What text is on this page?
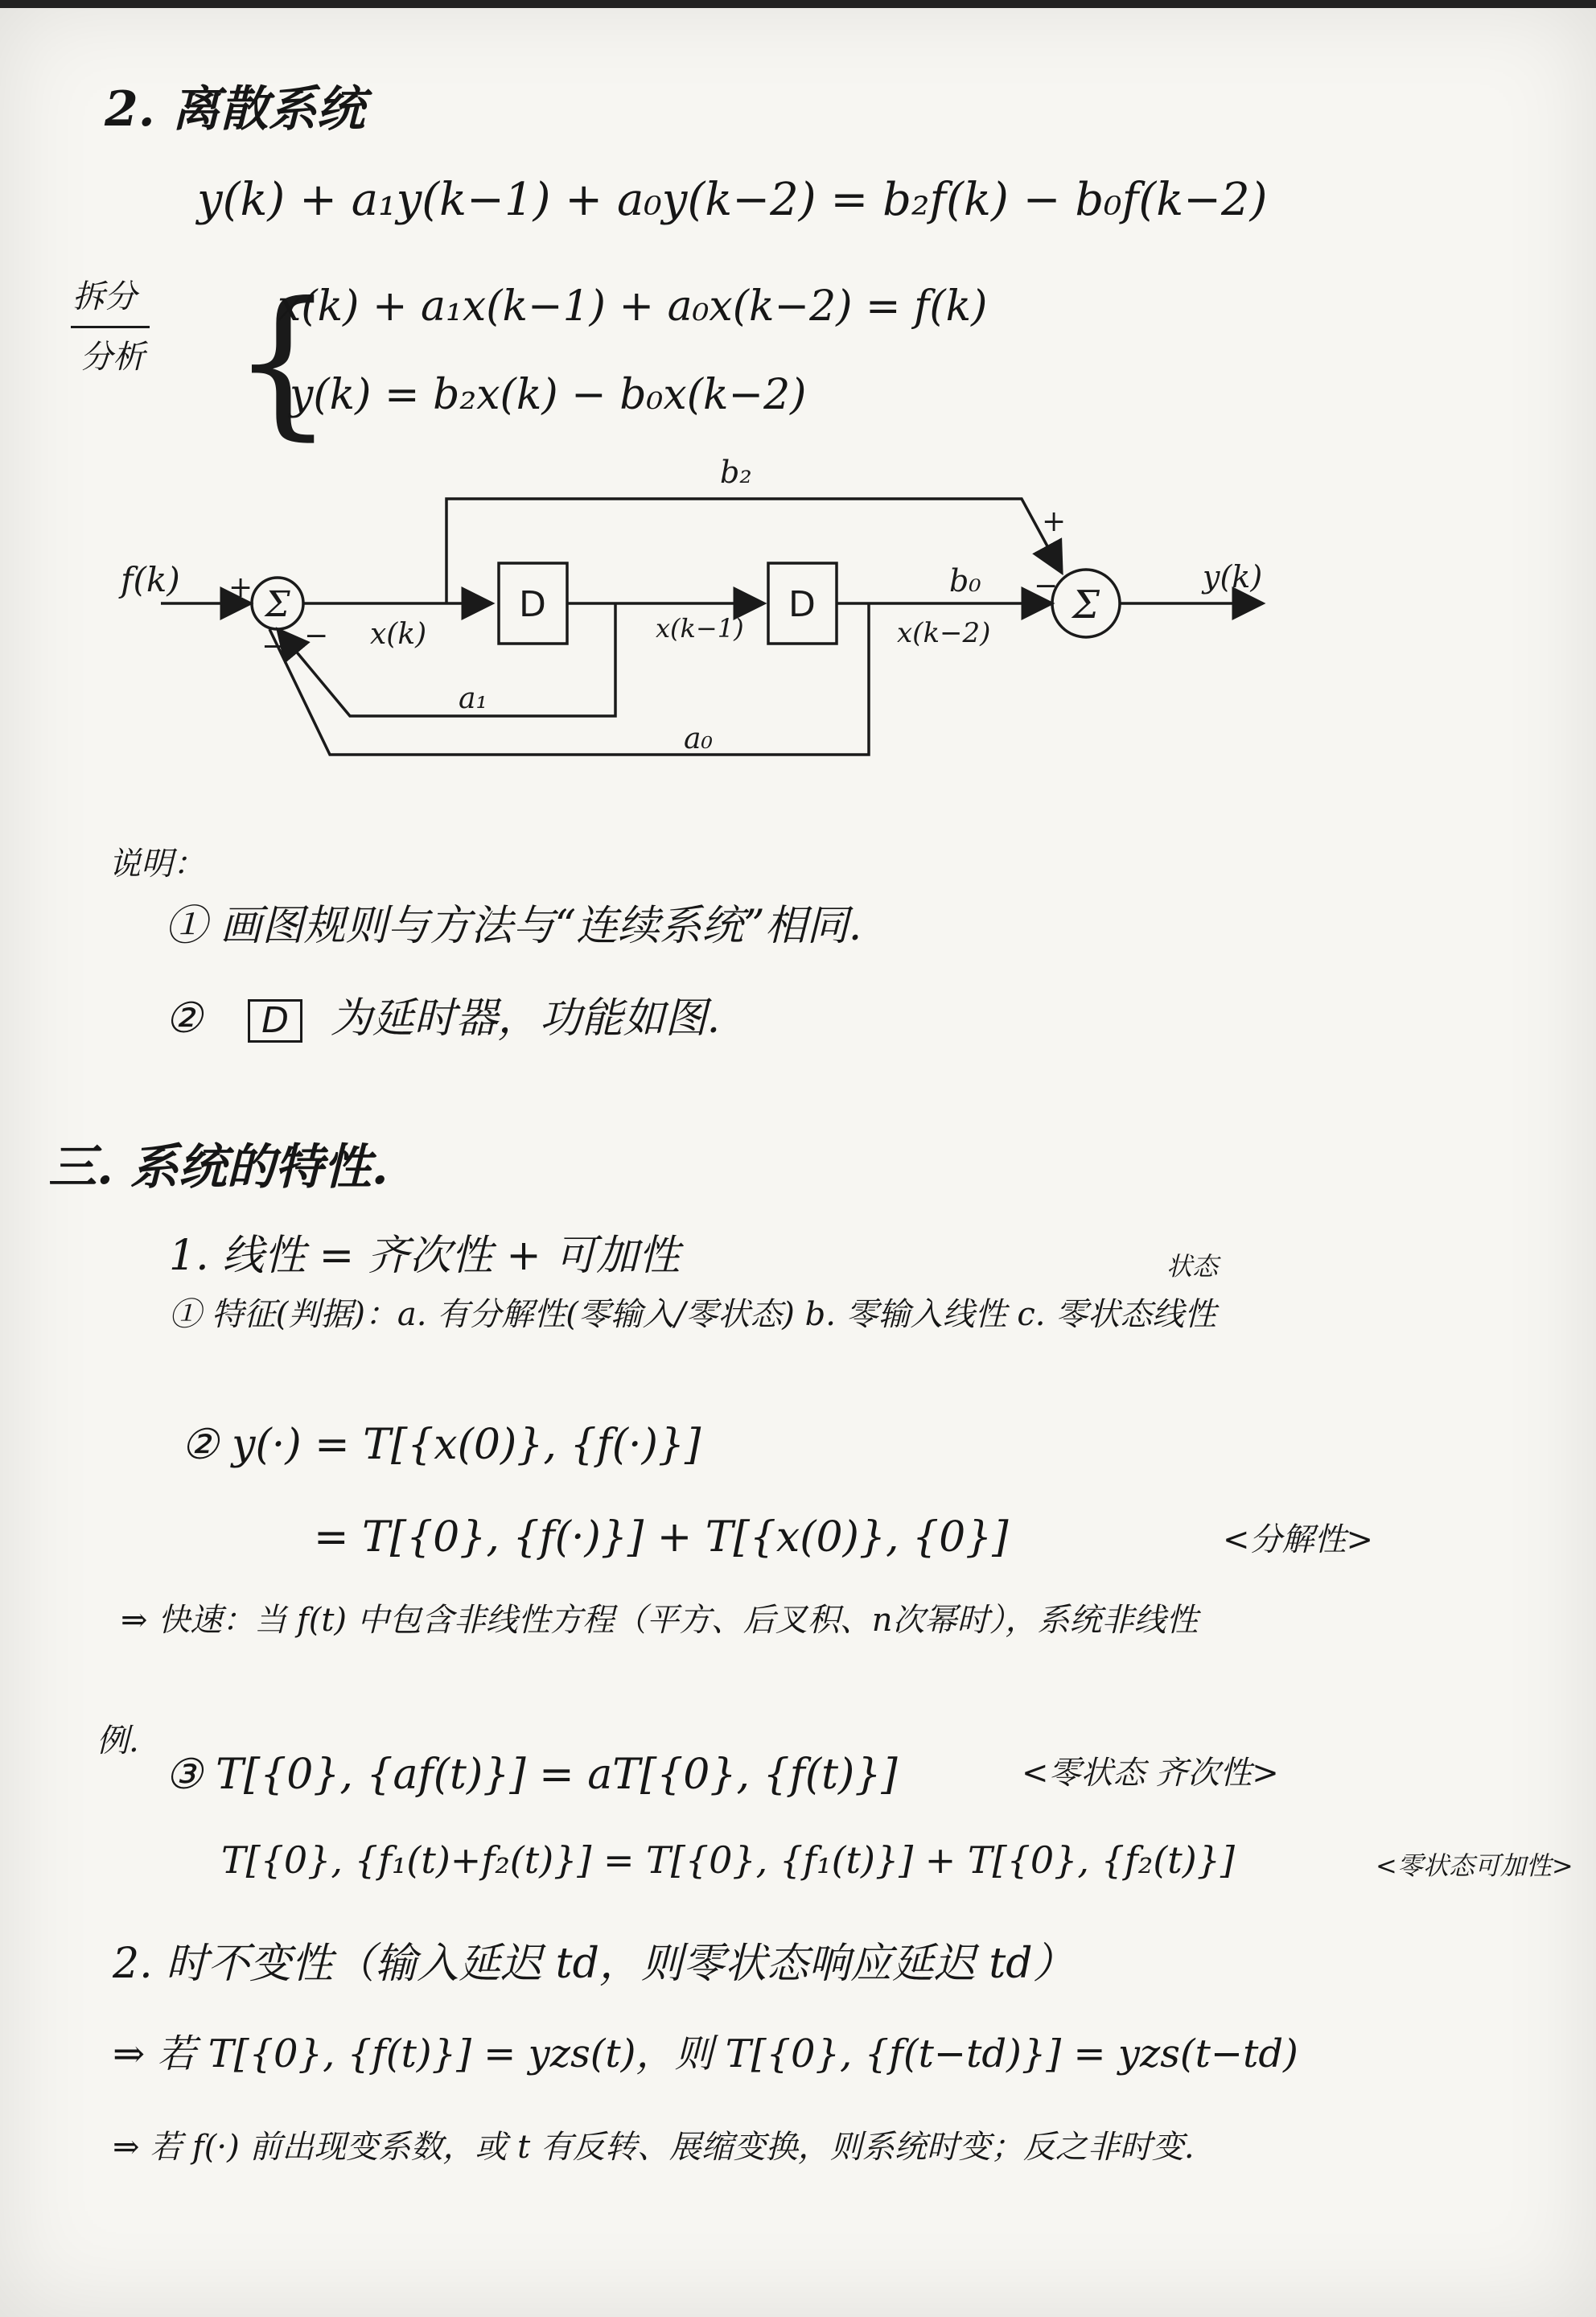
2. 离散系统
y(k) + a₁y(k−1) + a₀y(k−2) = b₂f(k) − b₀f(k−2)
拆分
分析 {
x(k) + a₁x(k−1) + a₀x(k−2) = f(k)
y(k) = b₂x(k) − b₀x(k−2)
f(k)	y(k)
Σ	Σ
D	D
x(k)	x(k−1)	x(k−2)
b₂
b₀
a₁
a₀
+
− −
+
−
说明：
① 画图规则与方法与“连续系统”相同.
② D 为延时器，功能如图.
三. 系统的特性.
1. 线性 = 齐次性 + 可加性	状态
① 特征(判据)：a. 有分解性(零输入/零状态) b. 零输入线性 c. 零状态线性
② y(·) = T[{x(0)}, {f(·)}]
= T[{0}, {f(·)}] + T[{x(0)}, {0}]	<分解性>
⇒ 快速：当 f(t) 中包含非线性方程（平方、后叉积、n次幂时），系统非线性
例.
③ T[{0}, {af(t)}] = aT[{0}, {f(t)}]	<零状态 齐次性>
T[{0}, {f₁(t)+f₂(t)}] = T[{0}, {f₁(t)}] + T[{0}, {f₂(t)}]	<零状态可加性>
2. 时不变性（输入延迟 td，则零状态响应延迟 td）
⇒ 若 T[{0}, {f(t)}] = yzs(t)，则 T[{0}, {f(t−td)}] = yzs(t−td)
⇒ 若 f(·) 前出现变系数，或 t 有反转、展缩变换，则系统时变；反之非时变.
